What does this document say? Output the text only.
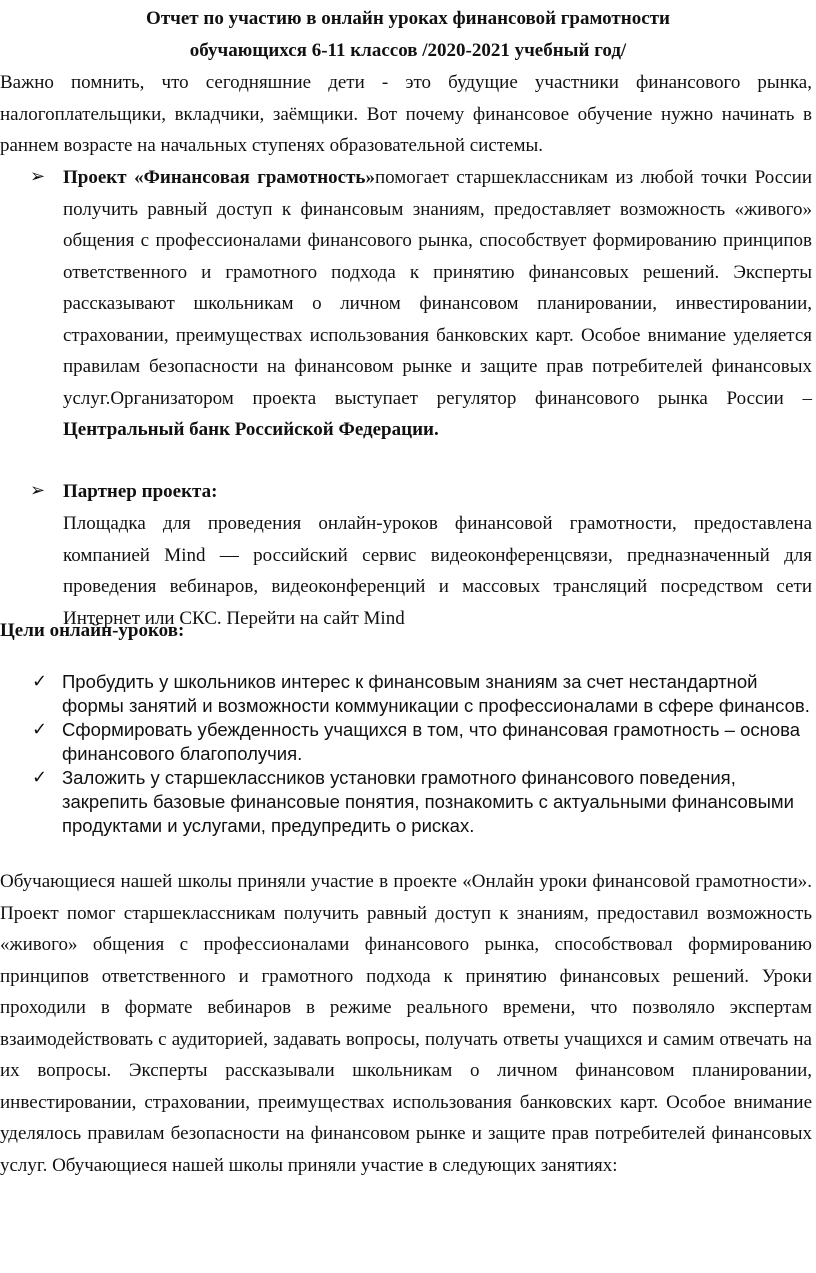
Отчет по участию в онлайн уроках финансовой грамотности
обучающихся 6-11 классов /2020-2021 учебный год/

Важно помнить, что сегодняшние дети - это будущие участники финансового рынка, налогоплательщики, вкладчики, заёмщики. Вот почему финансовое обучение нужно начинать в раннем возрасте на начальных ступенях образовательной системы.

➢ Проект «Финансовая грамотность»помогает старшеклассникам из любой точки России получить равный доступ к финансовым знаниям, предоставляет возможность «живого» общения с профессионалами финансового рынка, способствует формированию принципов ответственного и грамотного подхода к принятию финансовых решений. Эксперты рассказывают школьникам о личном финансовом планировании, инвестировании, страховании, преимуществах использования банковских карт. Особое внимание уделяется правилам безопасности на финансовом рынке и защите прав потребителей финансовых услуг.Организатором проекта выступает регулятор финансового рынка России – Центральный банк Российской Федерации.

➢ Партнер проекта:

Площадка для проведения онлайн-уроков финансовой грамотности, предоставлена компанией Mind — российский сервис видеоконференцсвязи, предназначенный для проведения вебинаров, видеоконференций и массовых трансляций посредством сети Интернет или СКС. Перейти на сайт Mind

Цели онлайн-уроков:

✓ Пробудить у школьников интерес к финансовым знаниям за счет нестандартной формы занятий и возможности коммуникации с профессионалами в сфере финансов.
✓ Сформировать убежденность учащихся в том, что финансовая грамотность – основа финансового благополучия.
✓ Заложить у старшеклассников установки грамотного финансового поведения, закрепить базовые финансовые понятия, познакомить с актуальными финансовыми продуктами и услугами, предупредить о рисках.

Обучающиеся нашей школы приняли участие в проекте «Онлайн уроки финансовой грамотности». Проект помог старшеклассникам получить равный доступ к знаниям, предоставил возможность «живого» общения с профессионалами финансового рынка, способствовал формированию принципов ответственного и грамотного подхода к принятию финансовых решений. Уроки проходили в формате вебинаров в режиме реального времени, что позволяло экспертам взаимодействовать с аудиторией, задавать вопросы, получать ответы учащихся и самим отвечать на их вопросы. Эксперты рассказывали школьникам о личном финансовом планировании, инвестировании, страховании, преимуществах использования банковских карт. Особое внимание уделялось правилам безопасности на финансовом рынке и защите прав потребителей финансовых услуг. Обучающиеся нашей школы приняли участие в следующих занятиях:
